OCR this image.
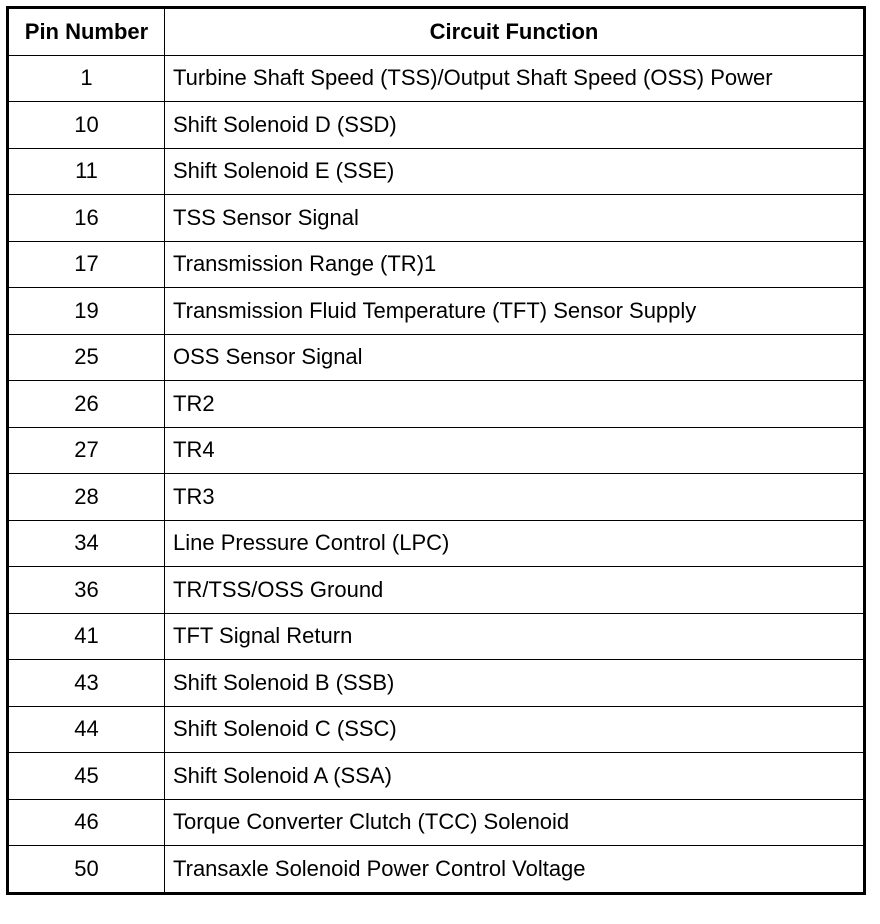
Pin Number	Circuit Function
1	Turbine Shaft Speed (TSS)/Output Shaft Speed (OSS) Power
10	Shift Solenoid D (SSD)
11	Shift Solenoid E (SSE)
16	TSS Sensor Signal
17	Transmission Range (TR)1
19	Transmission Fluid Temperature (TFT) Sensor Supply
25	OSS Sensor Signal
26	TR2
27	TR4
28	TR3
34	Line Pressure Control (LPC)
36	TR/TSS/OSS Ground
41	TFT Signal Return
43	Shift Solenoid B (SSB)
44	Shift Solenoid C (SSC)
45	Shift Solenoid A (SSA)
46	Torque Converter Clutch (TCC) Solenoid
50	Transaxle Solenoid Power Control Voltage
